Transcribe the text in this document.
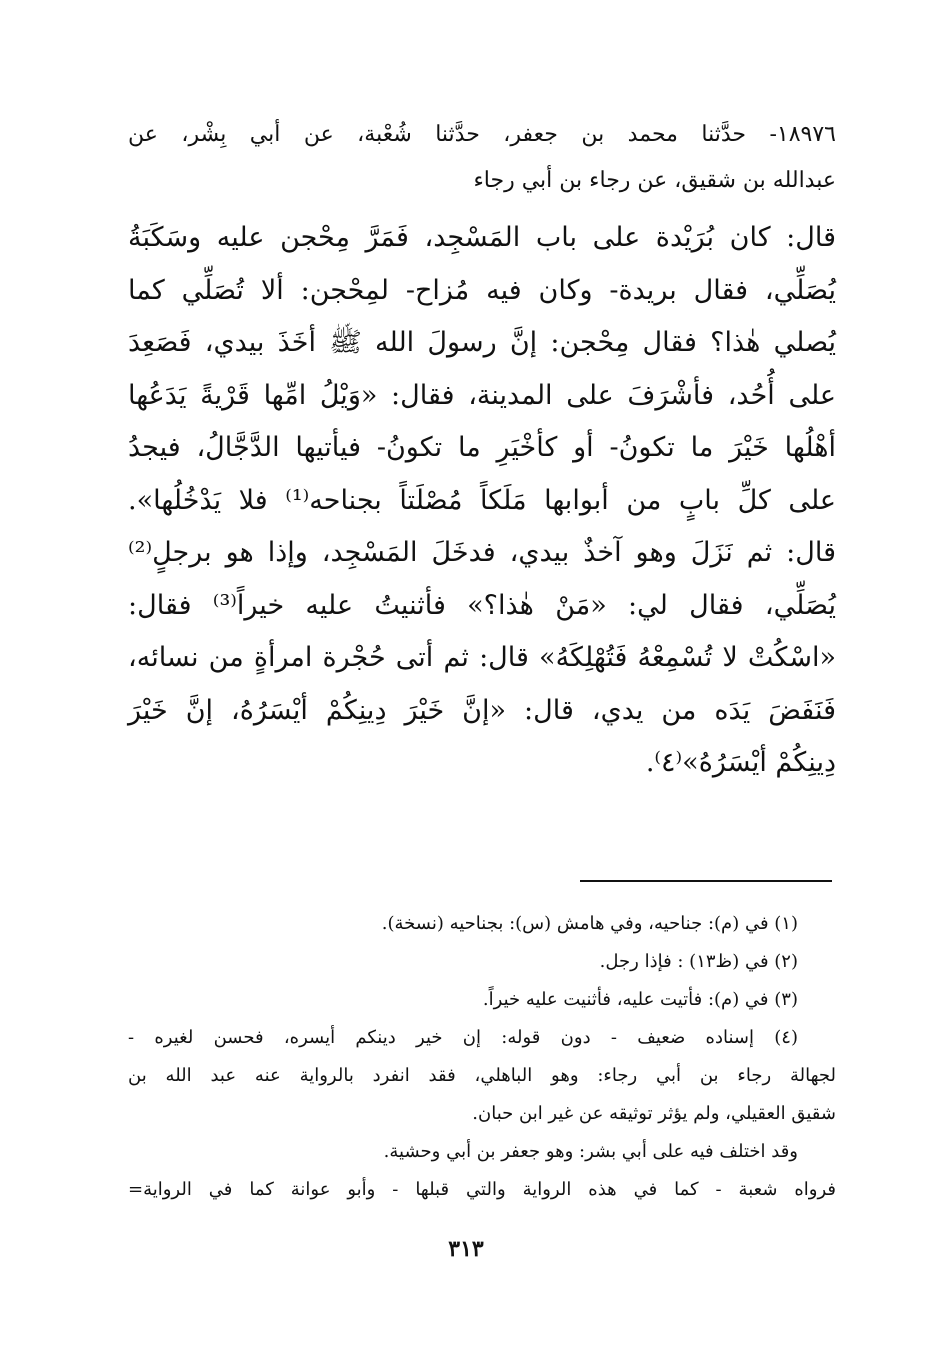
١٨٩٧٦- حدَّثنا محمد بن جعفر، حدَّثنا شُعْبة، عن أبي بِشْر، عن
عبدالله بن شقيق، عن رجاء بن أبي رجاء
قال: كان بُرَيْدة على باب المَسْجِد، فَمَرَّ مِحْجن عليه وسَكَبَةُ
يُصَلِّي، فقال بريدة- وكان فيه مُزاح- لمِحْجن: ألا تُصَلِّي كما
يُصلي هٰذا؟ فقال مِحْجن: إنَّ رسولَ الله ﷺ أخَذَ بيدي، فَصَعِدَ
على أُحُد، فأشْرَفَ على المدينة، فقال: «وَيْلُ امِّها قَرْيةً يَدَعُها
أهْلُها خَيْرَ ما تكونُ- أو كأخْيَرِ ما تكونُ- فيأتيها الدَّجَّالُ، فيجدُ
على كلِّ بابٍ من أبوابها مَلَكاً مُصْلَتاً بجناحه⁽¹⁾ فلا يَدْخُلُها».
قال: ثم نَزَلَ وهو آخذٌ بيدي، فدخَلَ المَسْجِد، وإذا هو برجلٍ⁽²⁾
يُصَلِّي، فقال لي: «مَنْ هٰذا؟» فأثنيتُ عليه خيراً⁽³⁾ فقال:
«اسْكُتْ لا تُسْمِعْهُ فَتُهْلِكَهُ» قال: ثم أتى حُجْرة امرأةٍ من نسائه،
فَنَفَضَ يَدَه من يدي، قال: «إنَّ خَيْرَ دِينِكُمْ أيْسَرُهُ، إنَّ خَيْرَ
دِينِكُمْ أيْسَرُهُ»⁽٤⁾.
(١) في (م): جناحيه، وفي هامش (س): بجناحيه (نسخة).
(٢) في (ظ١٣) : فإذا رجل.
(٣) في (م): فأتيت عليه، فأثنيت عليه خيراً.
(٤) إسناده ضعيف - دون قوله: إن خير دينكم أيسره، فحسن لغيره -
لجهالة رجاء بن أبي رجاء: وهو الباهلي، فقد انفرد بالرواية عنه عبد الله بن
شقيق العقيلي، ولم يؤثر توثيقه عن غير ابن حبان.
وقد اختلف فيه على أبي بشر: وهو جعفر بن أبي وحشية.
فرواه شعبة - كما في هذه الرواية والتي قبلها - وأبو عوانة كما في الرواية=
٣١٣
